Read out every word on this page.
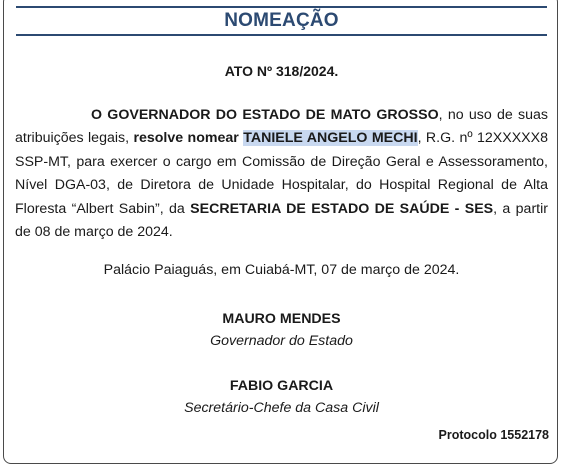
NOMEAÇÃO
ATO Nº 318/2024.

O GOVERNADOR DO ESTADO DE MATO GROSSO, no uso de suas atribuições legais, resolve nomear TANIELE ANGELO MECHI, R.G. nº 12XXXXX8 SSP-MT, para exercer o cargo em Comissão de Direção Geral e Assessoramento, Nível DGA-03, de Diretora de Unidade Hospitalar, do Hospital Regional de Alta Floresta “Albert Sabin”, da SECRETARIA DE ESTADO DE SAÚDE - SES, a partir de 08 de março de 2024.

Palácio Paiaguás, em Cuiabá-MT, 07 de março de 2024.
MAURO MENDES
Governador do Estado
FABIO GARCIA
Secretário-Chefe da Casa Civil
Protocolo 1552178
